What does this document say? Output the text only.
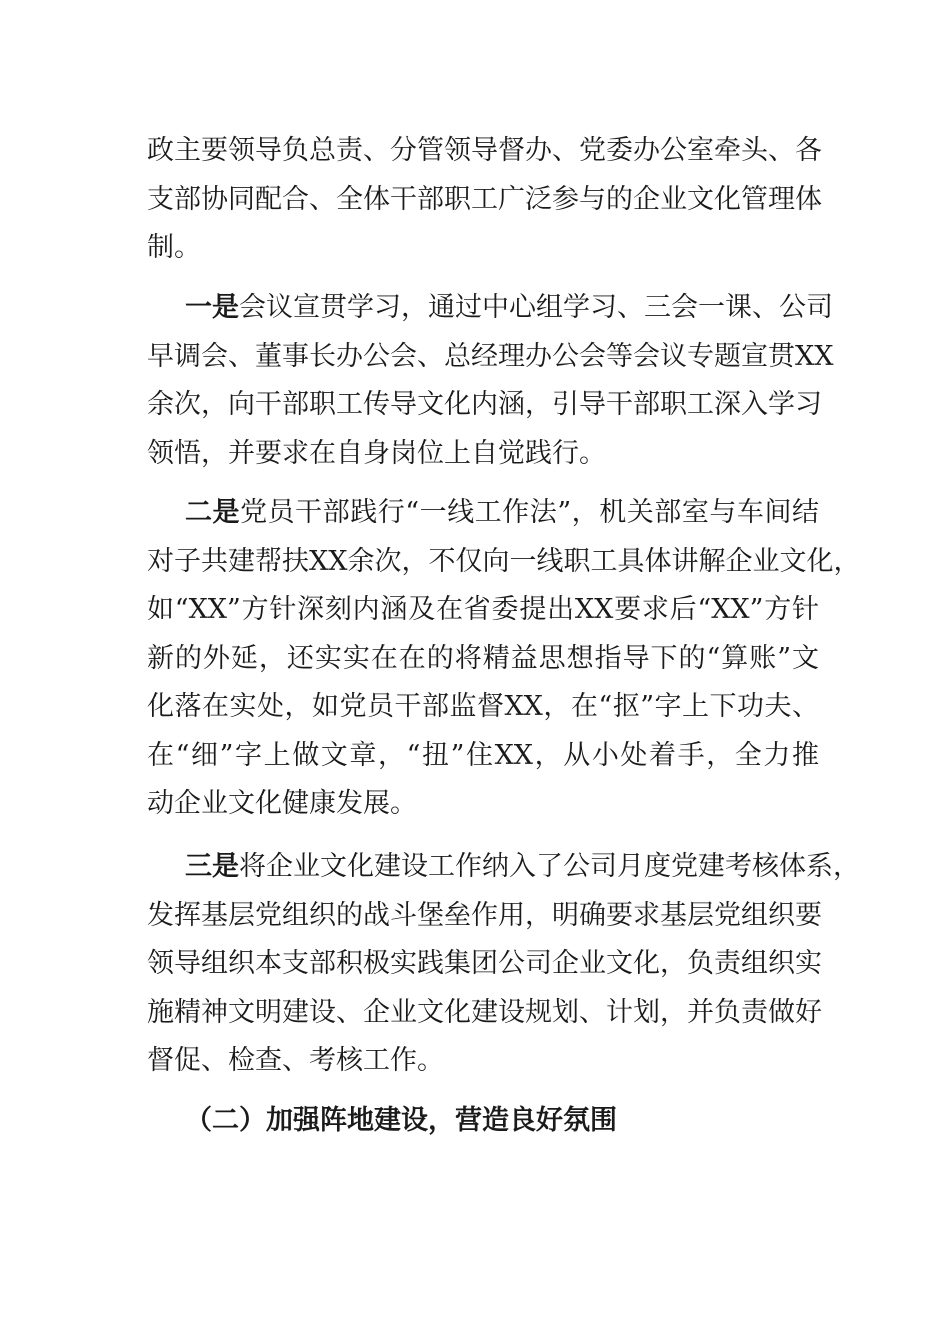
政主要领导负总责、分管领导督办、党委办公室牵头、各
支部协同配合、全体干部职工广泛参与的企业文化管理体
制。
一是会议宣贯学习，通过中心组学习、三会一课、公司
早调会、董事长办公会、总经理办公会等会议专题宣贯XX
余次，向干部职工传导文化内涵，引导干部职工深入学习
领悟，并要求在自身岗位上自觉践行。
二是党员干部践行“一线工作法”，机关部室与车间结
对子共建帮扶XX余次，不仅向一线职工具体讲解企业文化，
如“XX”方针深刻内涵及在省委提出XX要求后“XX”方针
新的外延，还实实在在的将精益思想指导下的“算账”文
化落在实处，如党员干部监督XX，在“抠”字上下功夫、
在“细”字上做文章，“扭”住XX，从小处着手，全力推
动企业文化健康发展。
三是将企业文化建设工作纳入了公司月度党建考核体系，
发挥基层党组织的战斗堡垒作用，明确要求基层党组织要
领导组织本支部积极实践集团公司企业文化，负责组织实
施精神文明建设、企业文化建设规划、计划，并负责做好
督促、检查、考核工作。
（二）加强阵地建设，营造良好氛围
